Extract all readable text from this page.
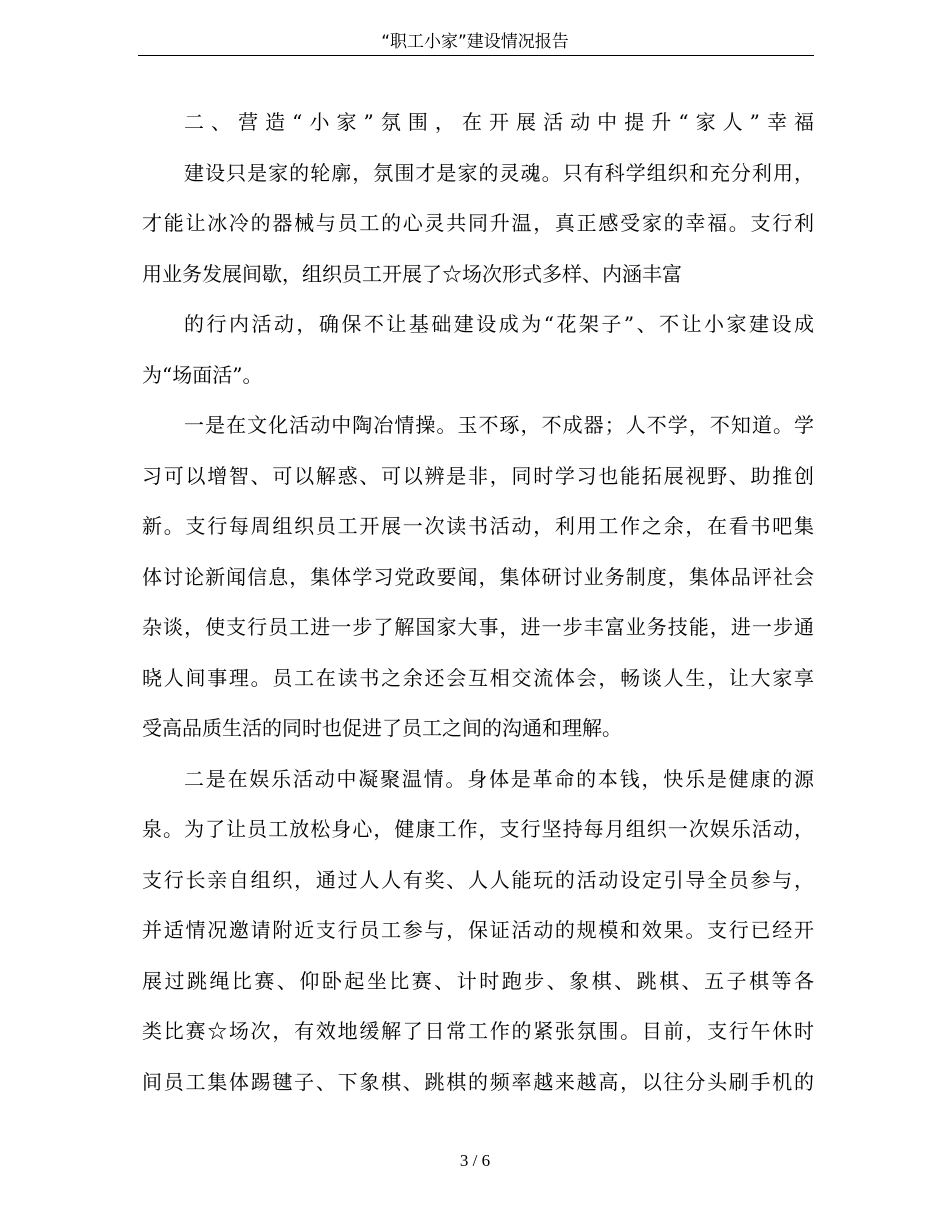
“职工小家”建设情况报告
二、营造“小家”氛围，在开展活动中提升“家人”幸福
建设只是家的轮廓，氛围才是家的灵魂。只有科学组织和充分利用，
才能让冰冷的器械与员工的心灵共同升温，真正感受家的幸福。支行利
用业务发展间歇，组织员工开展了☆场次形式多样、内涵丰富
的行内活动，确保不让基础建设成为“花架子”、不让小家建设成
为“场面活”。
一是在文化活动中陶冶情操。玉不琢，不成器；人不学，不知道。学
习可以增智、可以解惑、可以辨是非，同时学习也能拓展视野、助推创
新。支行每周组织员工开展一次读书活动，利用工作之余，在看书吧集
体讨论新闻信息，集体学习党政要闻，集体研讨业务制度，集体品评社会
杂谈，使支行员工进一步了解国家大事，进一步丰富业务技能，进一步通
晓人间事理。员工在读书之余还会互相交流体会，畅谈人生，让大家享
受高品质生活的同时也促进了员工之间的沟通和理解。
二是在娱乐活动中凝聚温情。身体是革命的本钱，快乐是健康的源
泉。为了让员工放松身心，健康工作，支行坚持每月组织一次娱乐活动，
支行长亲自组织，通过人人有奖、人人能玩的活动设定引导全员参与，
并适情况邀请附近支行员工参与，保证活动的规模和效果。支行已经开
展过跳绳比赛、仰卧起坐比赛、计时跑步、象棋、跳棋、五子棋等各
类比赛☆场次，有效地缓解了日常工作的紧张氛围。目前，支行午休时
间员工集体踢毽子、下象棋、跳棋的频率越来越高，以往分头刷手机的
3 / 6
